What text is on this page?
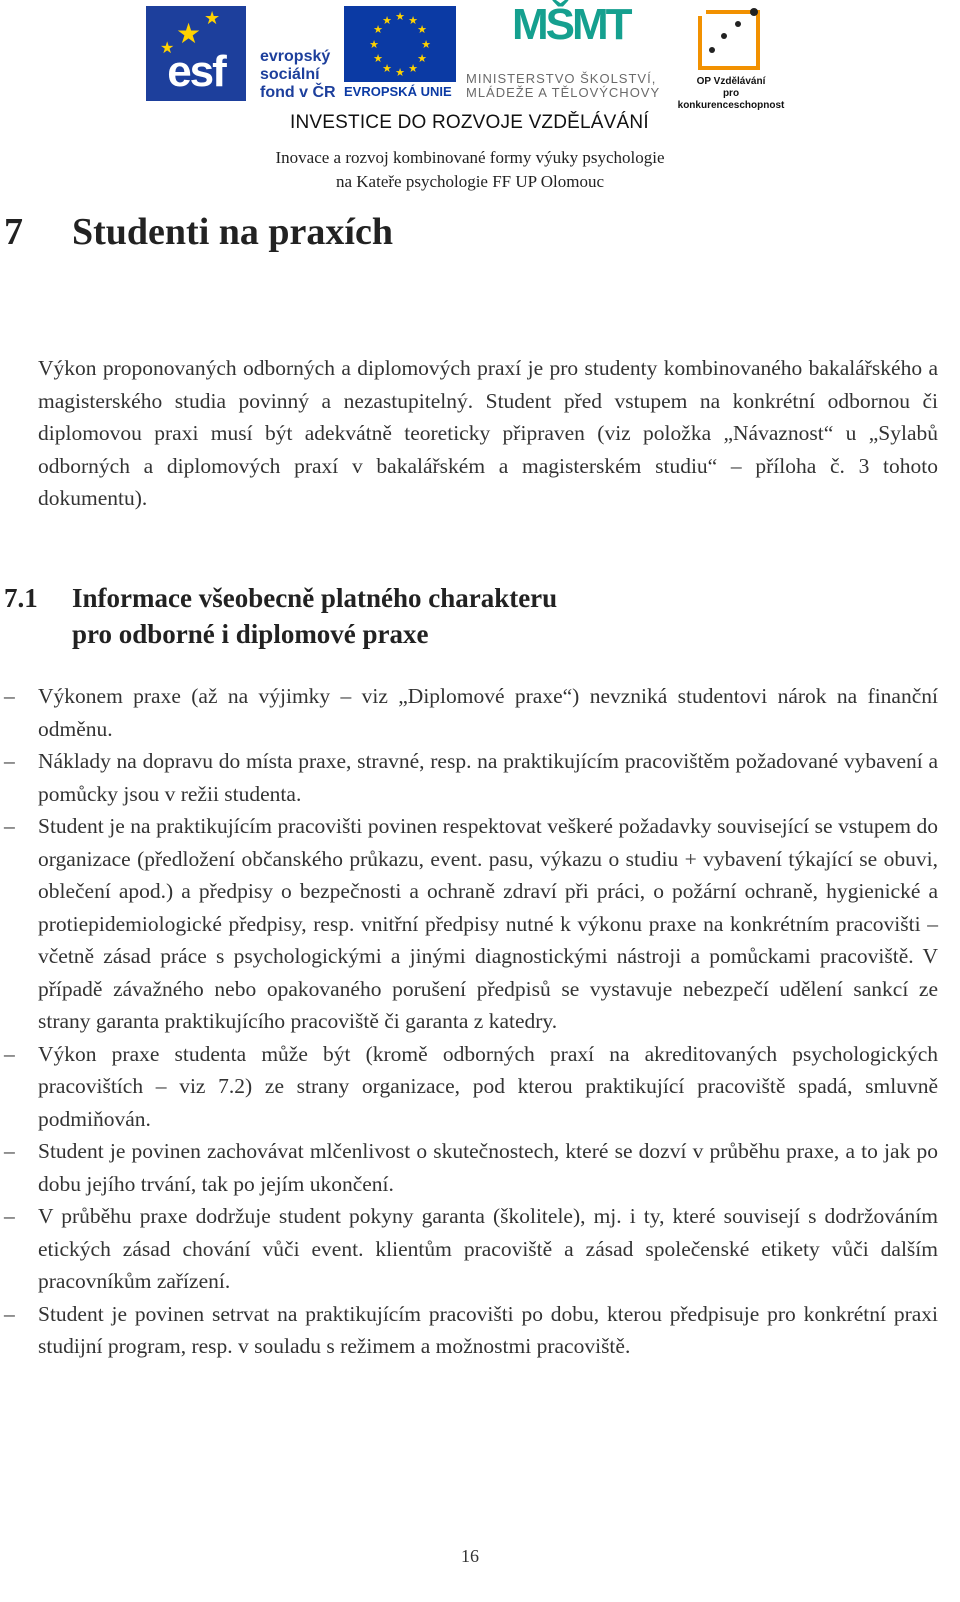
★ ★
★
esf	evropský
sociální
fond v ČR
★ ★
★
★
★
★
★
★
★
★
★
★
EVROPSKÁ UNIE
MŠMT
MINISTERSTVO ŠKOLSTVÍ,
MLÁDEŽE A TĚLOVÝCHOVY
OP Vzdělávání
pro konkurenceschopnost
INVESTICE DO ROZVOJE VZDĚLÁVÁNÍ
Inovace a rozvoj kombinované formy výuky psychologie
na Kateře psychologie FF UP Olomouc
7 Studenti na praxích

Výkon proponovaných odborných a diplomových praxí je pro studenty kombinovaného bakalářského a magisterského studia povinný a nezastupitelný. Student před vstupem na konkrétní odbornou či diplomovou praxi musí být adekvátně teoreticky připraven (viz položka „Návaznost“ u „Sylabů odborných a diplomových praxí v bakalářském a magisterském studiu“ – příloha č. 3 tohoto dokumentu).

7.1 Informace všeobecně platného charakteru
pro odborné i diplomové praxe
– Výkonem praxe (až na výjimky – viz „Diplomové praxe“) nevzniká studentovi nárok na finanční odměnu.
– Náklady na dopravu do místa praxe, stravné, resp. na praktikujícím pracovištěm požadované vybavení a pomůcky jsou v režii studenta.
– Student je na praktikujícím pracovišti povinen respektovat veškeré požadavky související se vstupem do organizace (předložení občanského průkazu, event. pasu, výkazu o studiu + vybavení týkající se obuvi, oblečení apod.) a předpisy o bezpečnosti a ochraně zdraví při práci, o požární ochraně, hygienické a protiepidemiologické předpisy, resp. vnitřní předpisy nutné k výkonu praxe na konkrétním pracovišti – včetně zásad práce s psychologickými a jinými diagnostickými nástroji a pomůckami pracoviště. V případě závažného nebo opakovaného porušení předpisů se vystavuje nebezpečí udělení sankcí ze strany garanta praktikujícího pracoviště či garanta z katedry.
– Výkon praxe studenta může být (kromě odborných praxí na akreditovaných psychologických pracovištích – viz 7.2) ze strany organizace, pod kterou praktikující pracoviště spadá, smluvně podmiňován.
– Student je povinen zachovávat mlčenlivost o skutečnostech, které se dozví v průběhu praxe, a to jak po dobu jejího trvání, tak po jejím ukončení.
– V průběhu praxe dodržuje student pokyny garanta (školitele), mj. i ty, které souvisejí s dodržováním etických zásad chování vůči event. klientům pracoviště a zásad společenské etikety vůči dalším pracovníkům zařízení.
– Student je povinen setrvat na praktikujícím pracovišti po dobu, kterou předpisuje pro konkrétní praxi studijní program, resp. v souladu s režimem a možnostmi pracoviště.
16
